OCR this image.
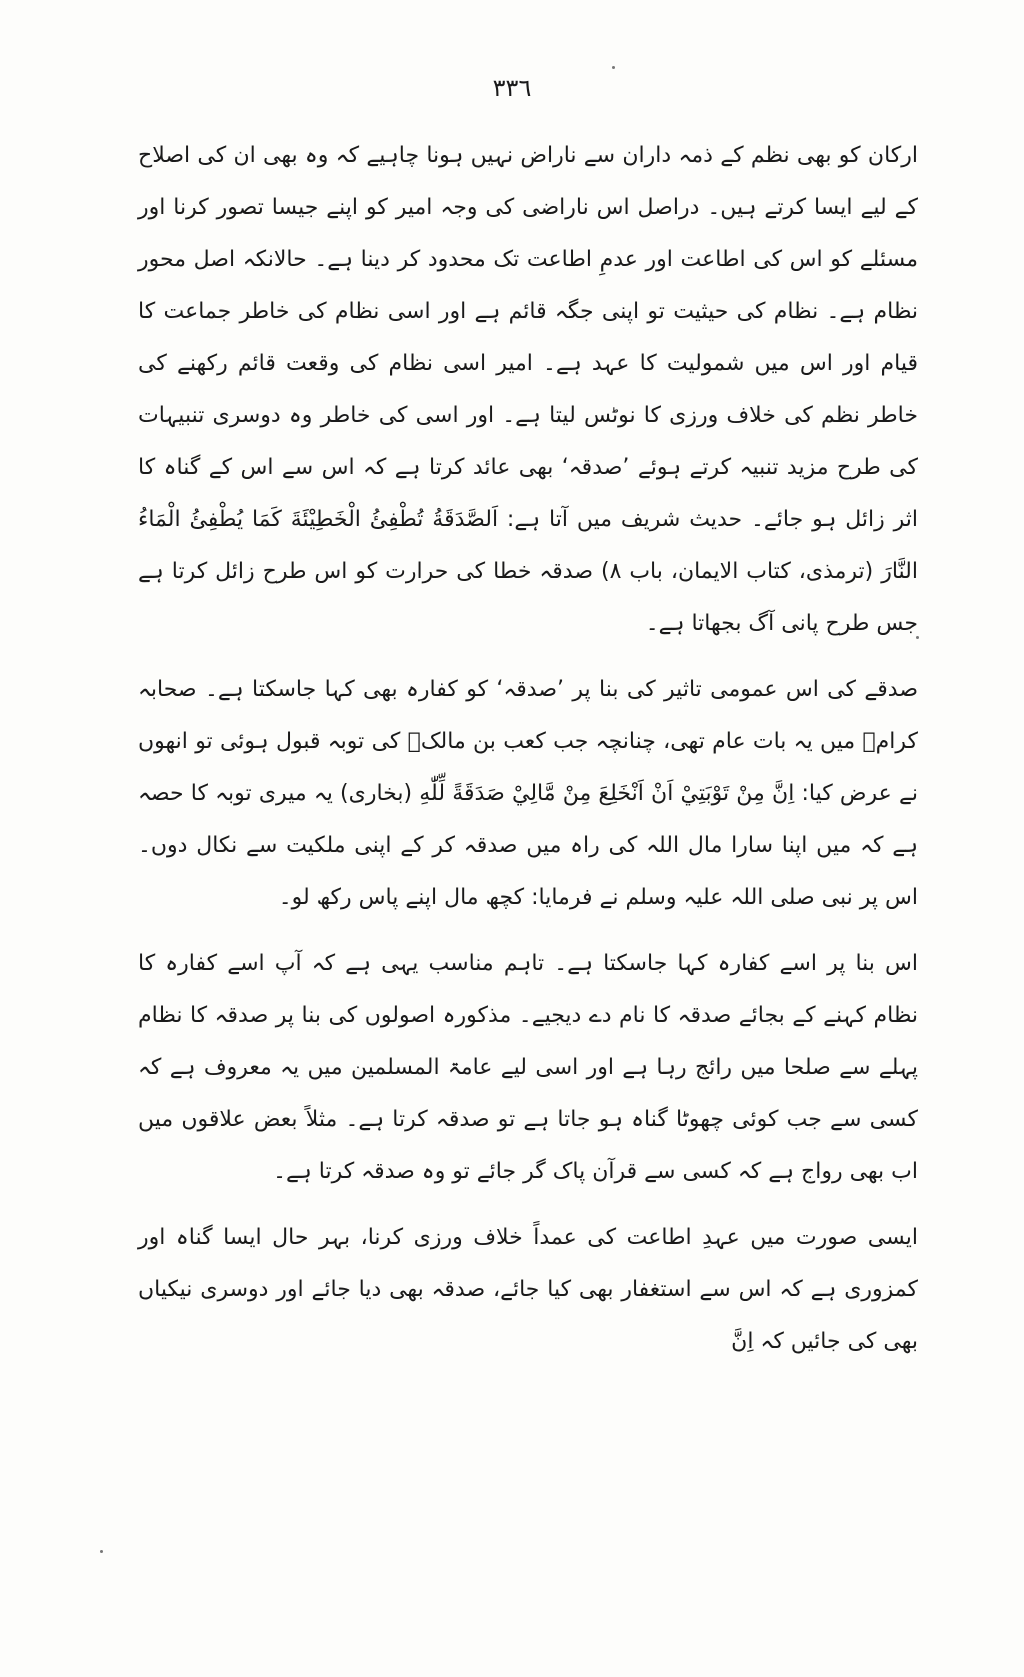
۳۳٦

ارکان کو بھی نظم کے ذمہ داران سے ناراض نہیں ہونا چاہیے کہ وہ بھی ان کی اصلاح کے لیے ایسا کرتے ہیں۔ دراصل اس ناراضی کی وجہ امیر کو اپنے جیسا تصور کرنا اور مسئلے کو اس کی اطاعت اور عدمِ اطاعت تک محدود کر دینا ہے۔ حالانکہ اصل محور نظام ہے۔ نظام کی حیثیت تو اپنی جگہ قائم ہے اور اسی نظام کی خاطر جماعت کا قیام اور اس میں شمولیت کا عہد ہے۔ امیر اسی نظام کی وقعت قائم رکھنے کی خاطر نظم کی خلاف ورزی کا نوٹس لیتا ہے۔ اور اسی کی خاطر وہ دوسری تنبیہات کی طرح مزید تنبیہ کرتے ہوئے ’صدقہ‘ بھی عائد کرتا ہے کہ اس سے اس کے گناہ کا اثر زائل ہو جائے۔ حدیث شریف میں آتا ہے: اَلصَّدَقَةُ تُطْفِئُ الْخَطِيْئَةَ كَمَا يُطْفِئُ الْمَاءُ النَّارَ (ترمذی، کتاب الایمان، باب ۸) صدقہ خطا کی حرارت کو اس طرح زائل کرتا ہے جس طرح پانی آگ بجھاتا ہے۔

صدقے کی اس عمومی تاثیر کی بنا پر ’صدقہ‘ کو کفارہ بھی کہا جاسکتا ہے۔ صحابہ کرامؓ میں یہ بات عام تھی، چنانچہ جب کعب بن مالکؓ کی توبہ قبول ہوئی تو انھوں نے عرض کیا: اِنَّ مِنْ تَوْبَتِيْ اَنْ اَنْخَلِعَ مِنْ مَّالِيْ صَدَقَةً لِّلّٰهِ (بخاری) یہ میری توبہ کا حصہ ہے کہ میں اپنا سارا مال اللہ کی راہ میں صدقہ کر کے اپنی ملکیت سے نکال دوں۔ اس پر نبی صلی اللہ علیہ وسلم نے فرمایا: کچھ مال اپنے پاس رکھ لو۔

اس بنا پر اسے کفارہ کہا جاسکتا ہے۔ تاہم مناسب یہی ہے کہ آپ اسے کفارہ کا نظام کہنے کے بجائے صدقہ کا نام دے دیجیے۔ مذکورہ اصولوں کی بنا پر صدقہ کا نظام پہلے سے صلحا میں رائج رہا ہے اور اسی لیے عامۃ المسلمین میں یہ معروف ہے کہ کسی سے جب کوئی چھوٹا گناہ ہو جاتا ہے تو صدقہ کرتا ہے۔ مثلاً بعض علاقوں میں اب بھی رواج ہے کہ کسی سے قرآن پاک گر جائے تو وہ صدقہ کرتا ہے۔

ایسی صورت میں عہدِ اطاعت کی عمداً خلاف ورزی کرنا، بہر حال ایسا گناہ اور کمزوری ہے کہ اس سے استغفار بھی کیا جائے، صدقہ بھی دیا جائے اور دوسری نیکیاں بھی کی جائیں کہ اِنَّ
